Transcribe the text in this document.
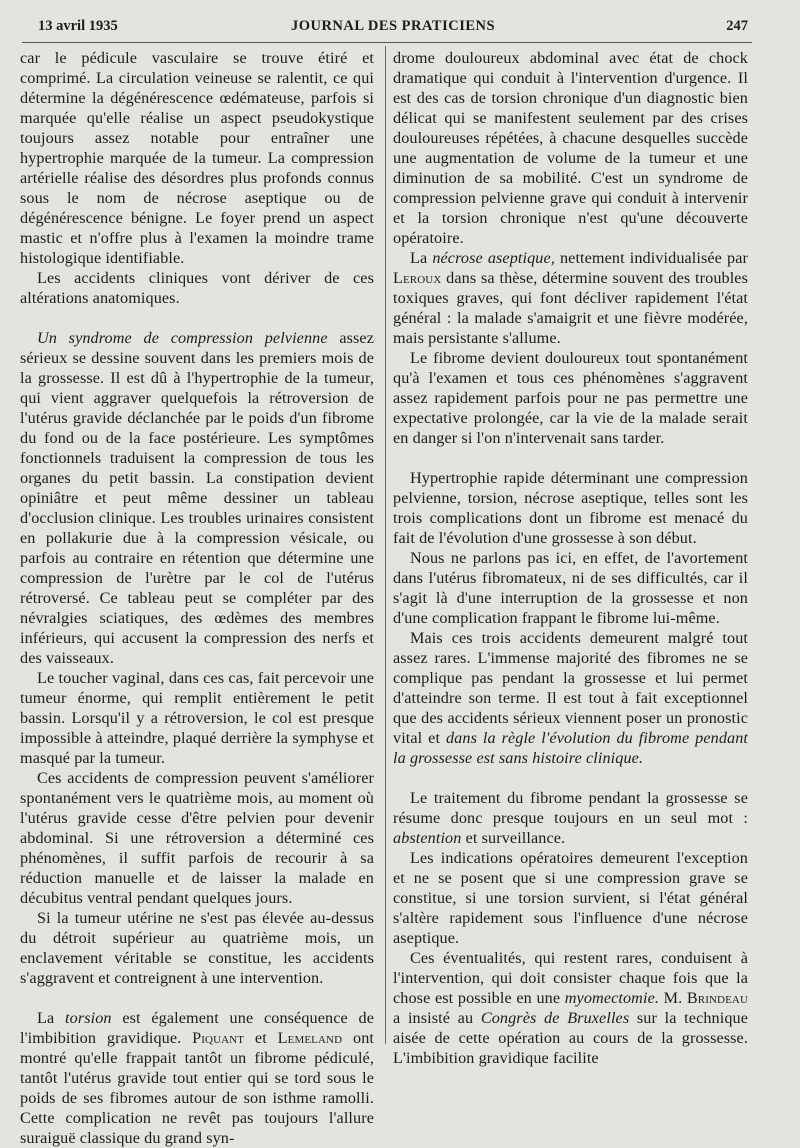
13 avril 1935	JOURNAL DES PRATICIENS	247

car le pédicule vasculaire se trouve étiré et comprimé. La circulation veineuse se ralentit, ce qui détermine la dégénérescence œdémateuse, parfois si marquée qu'elle réalise un aspect pseudokystique toujours assez notable pour entraîner une hypertrophie marquée de la tumeur. La compression artérielle réalise des désordres plus profonds connus sous le nom de nécrose aseptique ou de dégénérescence bénigne. Le foyer prend un aspect mastic et n'offre plus à l'examen la moindre trame histologique identifiable.

Les accidents cliniques vont dériver de ces altérations anatomiques.

Un syndrome de compression pelvienne assez sérieux se dessine souvent dans les premiers mois de la grossesse. Il est dû à l'hypertrophie de la tumeur, qui vient aggraver quelquefois la rétroversion de l'utérus gravide déclanchée par le poids d'un fibrome du fond ou de la face postérieure. Les symptômes fonctionnels traduisent la compression de tous les organes du petit bassin. La constipation devient opiniâtre et peut même dessiner un tableau d'occlusion clinique. Les troubles urinaires consistent en pollakurie due à la compression vésicale, ou parfois au contraire en rétention que détermine une compression de l'urètre par le col de l'utérus rétroversé. Ce tableau peut se compléter par des névralgies sciatiques, des œdèmes des membres inférieurs, qui accusent la compression des nerfs et des vaisseaux.

Le toucher vaginal, dans ces cas, fait percevoir une tumeur énorme, qui remplit entièrement le petit bassin. Lorsqu'il y a rétroversion, le col est presque impossible à atteindre, plaqué derrière la symphyse et masqué par la tumeur.

Ces accidents de compression peuvent s'améliorer spontanément vers le quatrième mois, au moment où l'utérus gravide cesse d'être pelvien pour devenir abdominal. Si une rétroversion a déterminé ces phénomènes, il suffit parfois de recourir à sa réduction manuelle et de laisser la malade en décubitus ventral pendant quelques jours.

Si la tumeur utérine ne s'est pas élevée au-dessus du détroit supérieur au quatrième mois, un enclavement véritable se constitue, les accidents s'aggravent et contreignent à une intervention.

La torsion est également une conséquence de l'imbibition gravidique. Piquant et Lemeland ont montré qu'elle frappait tantôt un fibrome pédiculé, tantôt l'utérus gravide tout entier qui se tord sous le poids de ses fibromes autour de son isthme ramolli. Cette complication ne revêt pas toujours l'allure suraiguë classique du grand syn-

drome douloureux abdominal avec état de chock dramatique qui conduit à l'intervention d'urgence. Il est des cas de torsion chronique d'un diagnostic bien délicat qui se manifestent seulement par des crises douloureuses répétées, à chacune desquelles succède une augmentation de volume de la tumeur et une diminution de sa mobilité. C'est un syndrome de compression pelvienne grave qui conduit à intervenir et la torsion chronique n'est qu'une découverte opératoire.

La nécrose aseptique, nettement individualisée par Leroux dans sa thèse, détermine souvent des troubles toxiques graves, qui font décliver rapidement l'état général : la malade s'amaigrit et une fièvre modérée, mais persistante s'allume.

Le fibrome devient douloureux tout spontanément qu'à l'examen et tous ces phénomènes s'aggravent assez rapidement parfois pour ne pas permettre une expectative prolongée, car la vie de la malade serait en danger si l'on n'intervenait sans tarder.

Hypertrophie rapide déterminant une compression pelvienne, torsion, nécrose aseptique, telles sont les trois complications dont un fibrome est menacé du fait de l'évolution d'une grossesse à son début.

Nous ne parlons pas ici, en effet, de l'avortement dans l'utérus fibromateux, ni de ses difficultés, car il s'agit là d'une interruption de la grossesse et non d'une complication frappant le fibrome lui-même.

Mais ces trois accidents demeurent malgré tout assez rares. L'immense majorité des fibromes ne se complique pas pendant la grossesse et lui permet d'atteindre son terme. Il est tout à fait exceptionnel que des accidents sérieux viennent poser un pronostic vital et dans la règle l'évolution du fibrome pendant la grossesse est sans histoire clinique.

Le traitement du fibrome pendant la grossesse se résume donc presque toujours en un seul mot : abstention et surveillance.

Les indications opératoires demeurent l'exception et ne se posent que si une compression grave se constitue, si une torsion survient, si l'état général s'altère rapidement sous l'influence d'une nécrose aseptique.

Ces éventualités, qui restent rares, conduisent à l'intervention, qui doit consister chaque fois que la chose est possible en une myomectomie. M. Brindeau a insisté au Congrès de Bruxelles sur la technique aisée de cette opération au cours de la grossesse. L'imbibition gravidique facilite
